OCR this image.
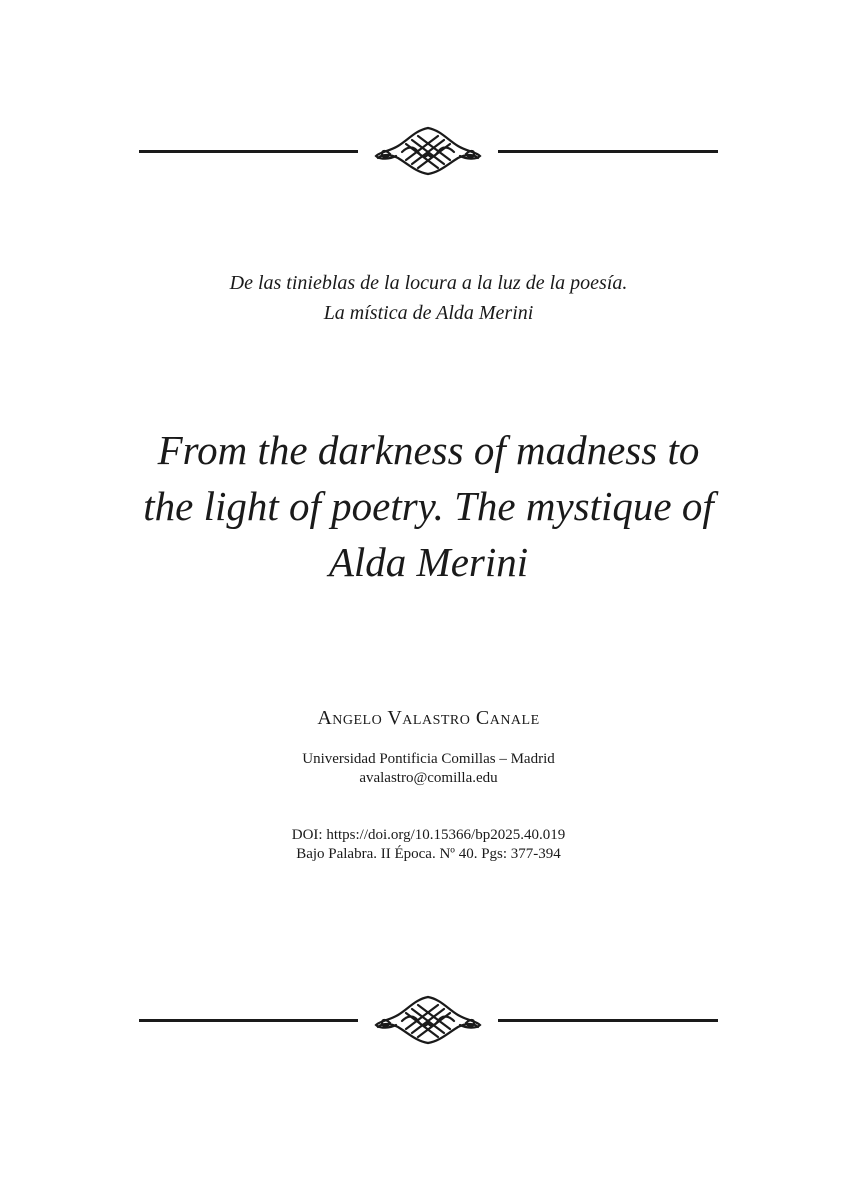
De las tinieblas de la locura a la luz de la poesía.
La mística de Alda Merini
From the darkness of madness to
the light of poetry. The mystique of
Alda Merini
Angelo Valastro Canale
Universidad Pontificia Comillas – Madrid
avalastro@comilla.edu
DOI: https://doi.org/10.15366/bp2025.40.019
Bajo Palabra. II Época. Nº 40. Pgs: 377-394
